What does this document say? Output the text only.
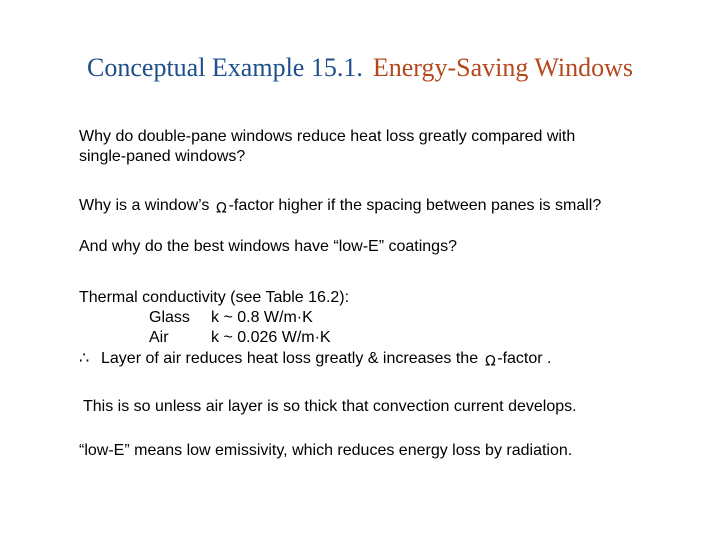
Conceptual Example 15.1. Energy-Saving Windows
Why do double-pane windows reduce heat loss greatly compared with
single-paned windows?
Why is a window’s Ʊ -factor higher if the spacing between panes is small?
And why do the best windows have “low-E” coatings?
Thermal conductivity (see Table 16.2):
Glass k ~ 0.8 W/m·K
Air	k ~ 0.026 W/m·K
∴ Layer of air reduces heat loss greatly & increases the Ʊ -factor .
This is so unless air layer is so thick that convection current develops.
“low-E” means low emissivity, which reduces energy loss by radiation.
